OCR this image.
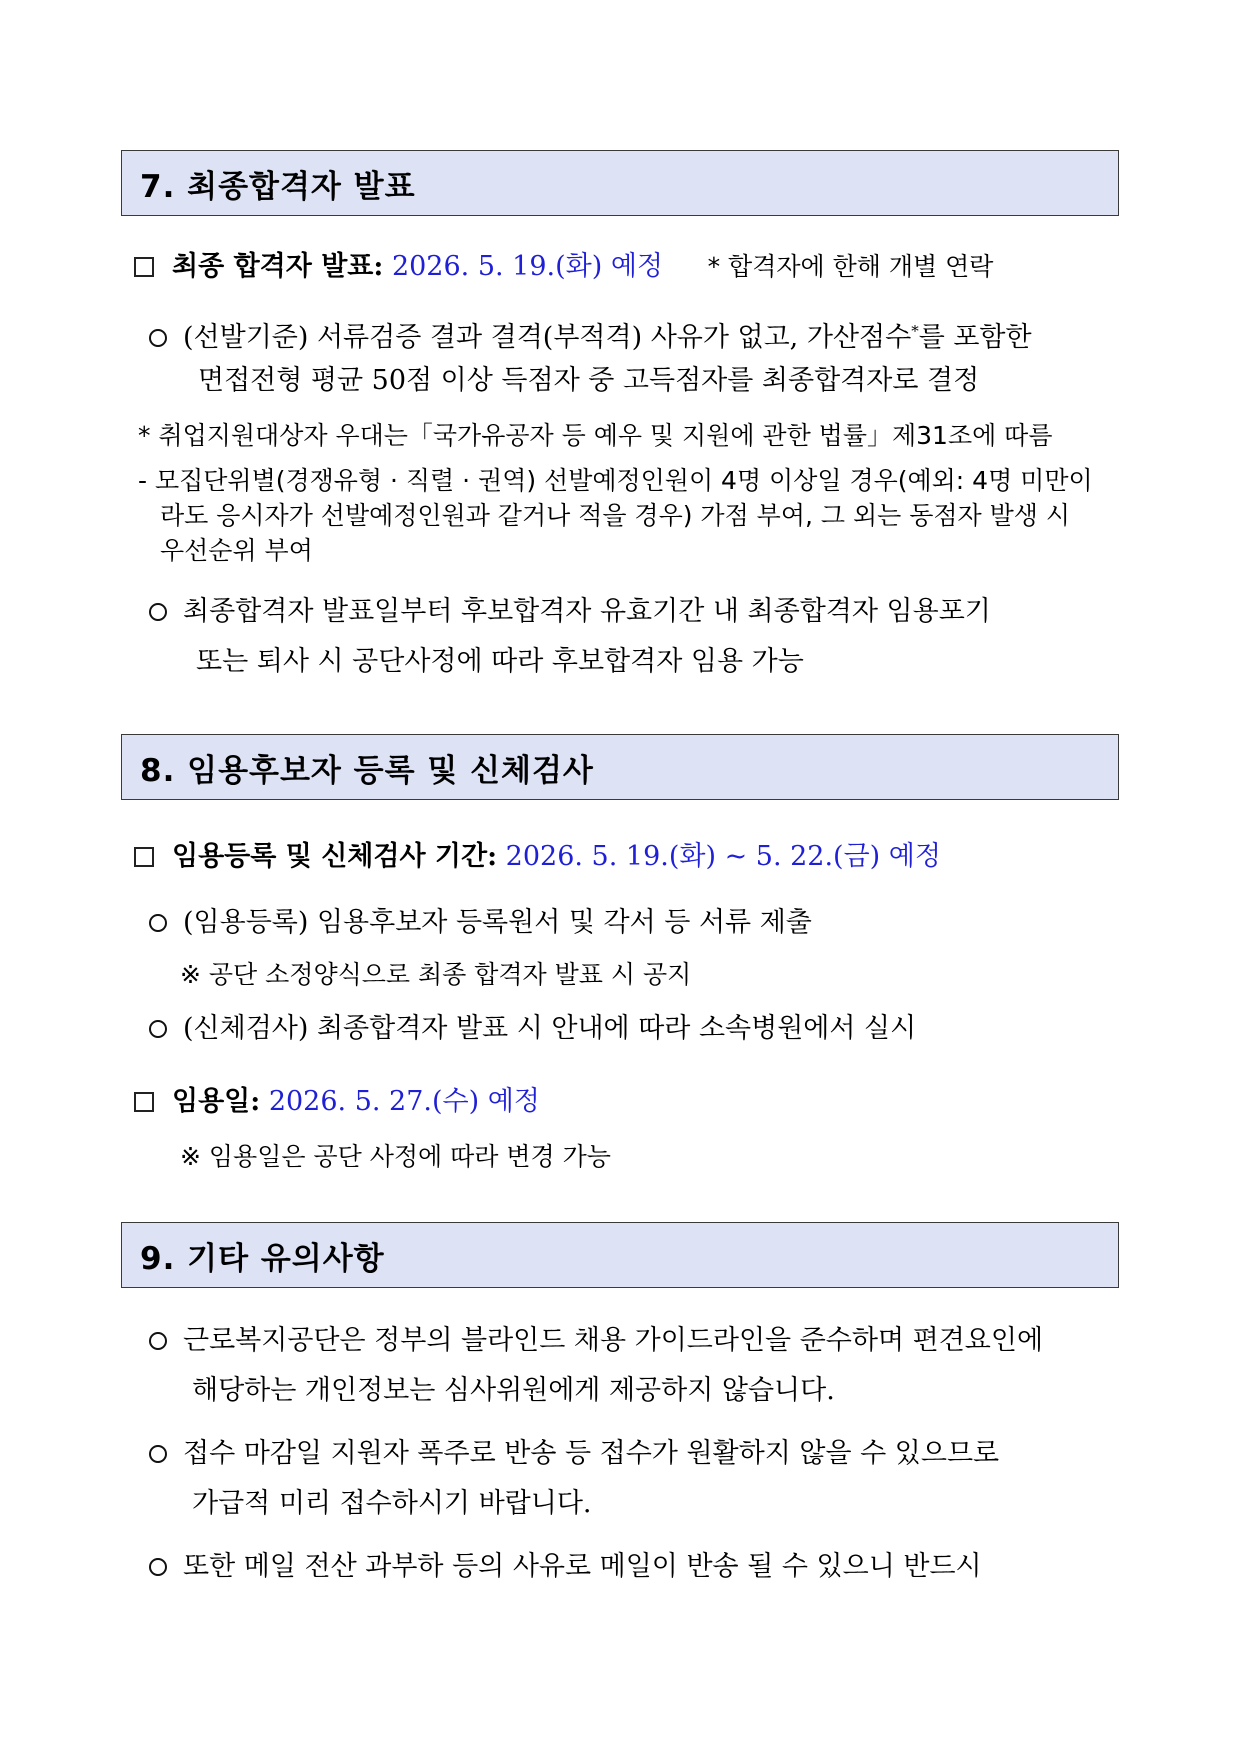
7. 최종합격자 발표
최종 합격자 발표: 2026. 5. 19.(화) 예정 * 합격자에 한해 개별 연락
(선발기준) 서류검증 결과 결격(부적격) 사유가 없고, 가산점수*를 포함한
면접전형 평균 50점 이상 득점자 중 고득점자를 최종합격자로 결정
* 취업지원대상자 우대는「국가유공자 등 예우 및 지원에 관한 법률」제31조에 따름
- 모집단위별(경쟁유형 · 직렬 · 권역) 선발예정인원이 4명 이상일 경우(예외: 4명 미만이
라도 응시자가 선발예정인원과 같거나 적을 경우) 가점 부여, 그 외는 동점자 발생 시
우선순위 부여
최종합격자 발표일부터 후보합격자 유효기간 내 최종합격자 임용포기
또는 퇴사 시 공단사정에 따라 후보합격자 임용 가능
8. 임용후보자 등록 및 신체검사
임용등록 및 신체검사 기간: 2026. 5. 19.(화) ~ 5. 22.(금) 예정
(임용등록) 임용후보자 등록원서 및 각서 등 서류 제출
※ 공단 소정양식으로 최종 합격자 발표 시 공지
(신체검사) 최종합격자 발표 시 안내에 따라 소속병원에서 실시
임용일: 2026. 5. 27.(수) 예정
※ 임용일은 공단 사정에 따라 변경 가능
9. 기타 유의사항
근로복지공단은 정부의 블라인드 채용 가이드라인을 준수하며 편견요인에
해당하는 개인정보는 심사위원에게 제공하지 않습니다.
접수 마감일 지원자 폭주로 반송 등 접수가 원활하지 않을 수 있으므로
가급적 미리 접수하시기 바랍니다.
또한 메일 전산 과부하 등의 사유로 메일이 반송 될 수 있으니 반드시
